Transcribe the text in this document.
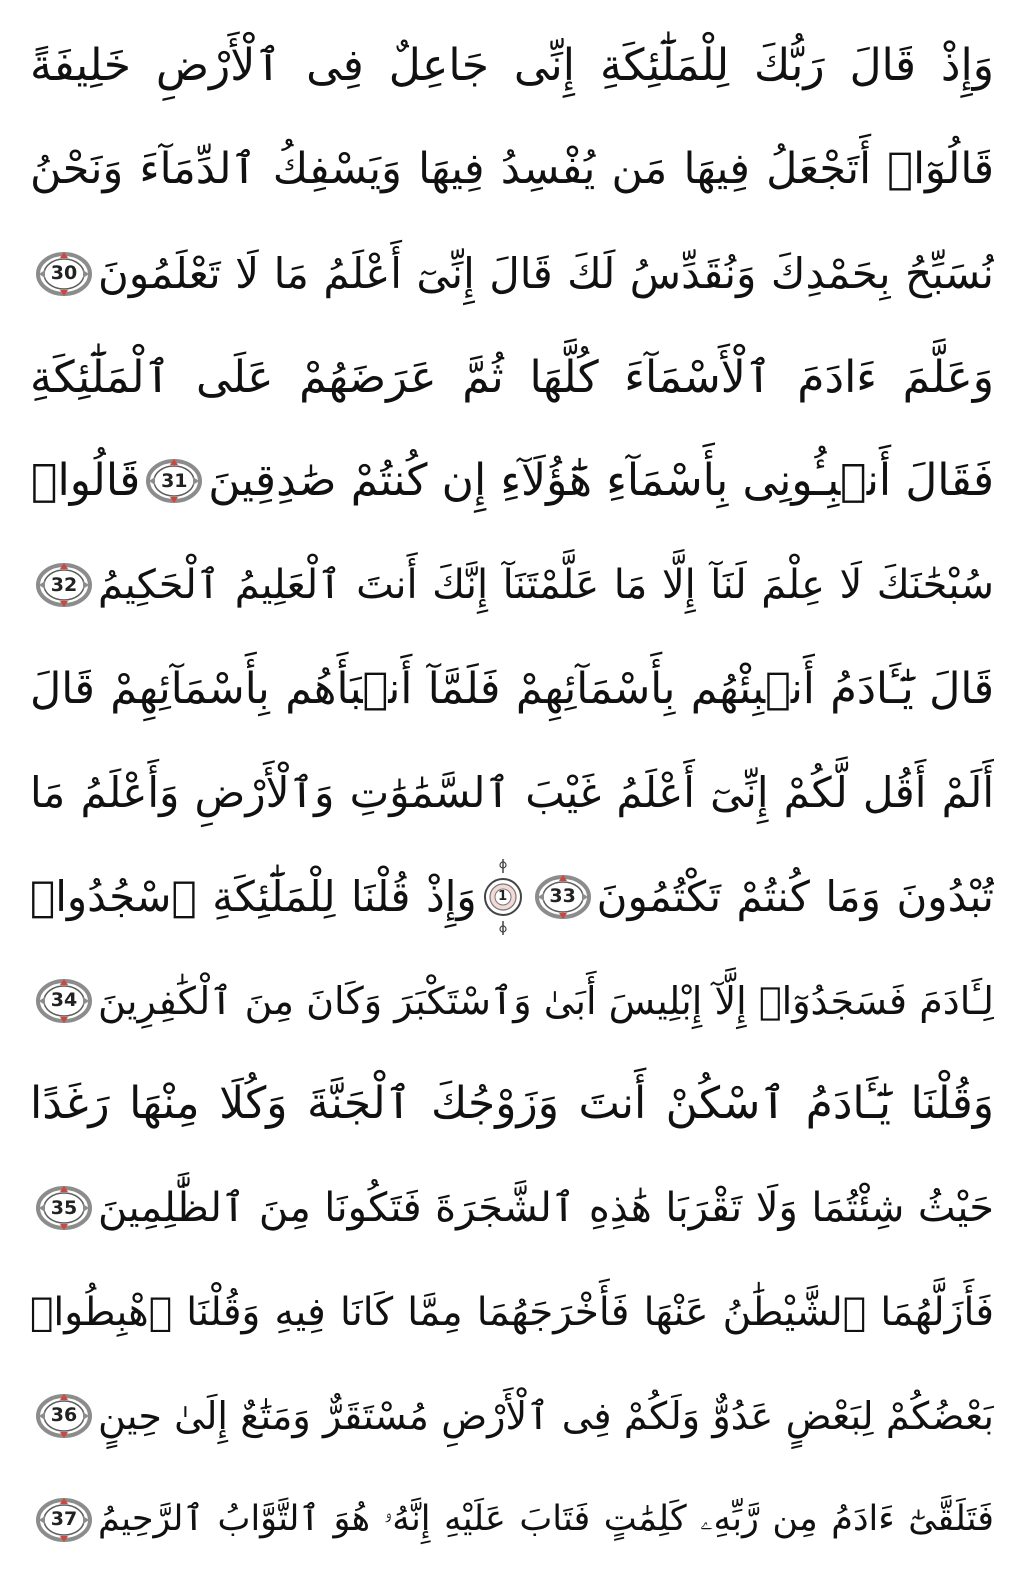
وَإِذْ قَالَ رَبُّكَ لِلْمَلَٰٓئِكَةِ إِنِّى جَاعِلٌ فِى ٱلْأَرْضِ خَلِيفَةً
قَالُوٓا۟ أَتَجْعَلُ فِيهَا مَن يُفْسِدُ فِيهَا وَيَسْفِكُ ٱلدِّمَآءَ وَنَحْنُ
نُسَبِّحُ بِحَمْدِكَ وَنُقَدِّسُ لَكَ قَالَ إِنِّىٓ أَعْلَمُ مَا لَا تَعْلَمُونَ
30
وَعَلَّمَ ءَادَمَ ٱلْأَسْمَآءَ كُلَّهَا ثُمَّ عَرَضَهُمْ عَلَى ٱلْمَلَٰٓئِكَةِ
فَقَالَ أَنۢبِـُٔونِى بِأَسْمَآءِ هَٰٓؤُلَآءِ إِن كُنتُمْ صَٰدِقِينَ
31
قَالُوا۟
سُبْحَٰنَكَ لَا عِلْمَ لَنَآ إِلَّا مَا عَلَّمْتَنَآ إِنَّكَ أَنتَ ٱلْعَلِيمُ ٱلْحَكِيمُ
32
قَالَ يَٰٓـَٔادَمُ أَنۢبِئْهُم بِأَسْمَآئِهِمْ فَلَمَّآ أَنۢبَأَهُم بِأَسْمَآئِهِمْ قَالَ
أَلَمْ أَقُل لَّكُمْ إِنِّىٓ أَعْلَمُ غَيْبَ ٱلسَّمَٰوَٰتِ وَٱلْأَرْضِ وَأَعْلَمُ مَا
تُبْدُونَ وَمَا كُنتُمْ تَكْتُمُونَ
33
1
وَإِذْ قُلْنَا لِلْمَلَٰٓئِكَةِ ٱسْجُدُوا۟
لِـَٔادَمَ فَسَجَدُوٓا۟ إِلَّآ إِبْلِيسَ أَبَىٰ وَٱسْتَكْبَرَ وَكَانَ مِنَ ٱلْكَٰفِرِينَ
34
وَقُلْنَا يَٰٓـَٔادَمُ ٱسْكُنْ أَنتَ وَزَوْجُكَ ٱلْجَنَّةَ وَكُلَا مِنْهَا رَغَدًا
حَيْثُ شِئْتُمَا وَلَا تَقْرَبَا هَٰذِهِ ٱلشَّجَرَةَ فَتَكُونَا مِنَ ٱلظَّٰلِمِينَ
35
فَأَزَلَّهُمَا ٱلشَّيْطَٰنُ عَنْهَا فَأَخْرَجَهُمَا مِمَّا كَانَا فِيهِ وَقُلْنَا ٱهْبِطُوا۟
بَعْضُكُمْ لِبَعْضٍ عَدُوٌّ وَلَكُمْ فِى ٱلْأَرْضِ مُسْتَقَرٌّ وَمَتَٰعٌ إِلَىٰ حِينٍ
36
فَتَلَقَّىٰٓ ءَادَمُ مِن رَّبِّهِۦ كَلِمَٰتٍ فَتَابَ عَلَيْهِ إِنَّهُۥ هُوَ ٱلتَّوَّابُ ٱلرَّحِيمُ
37
